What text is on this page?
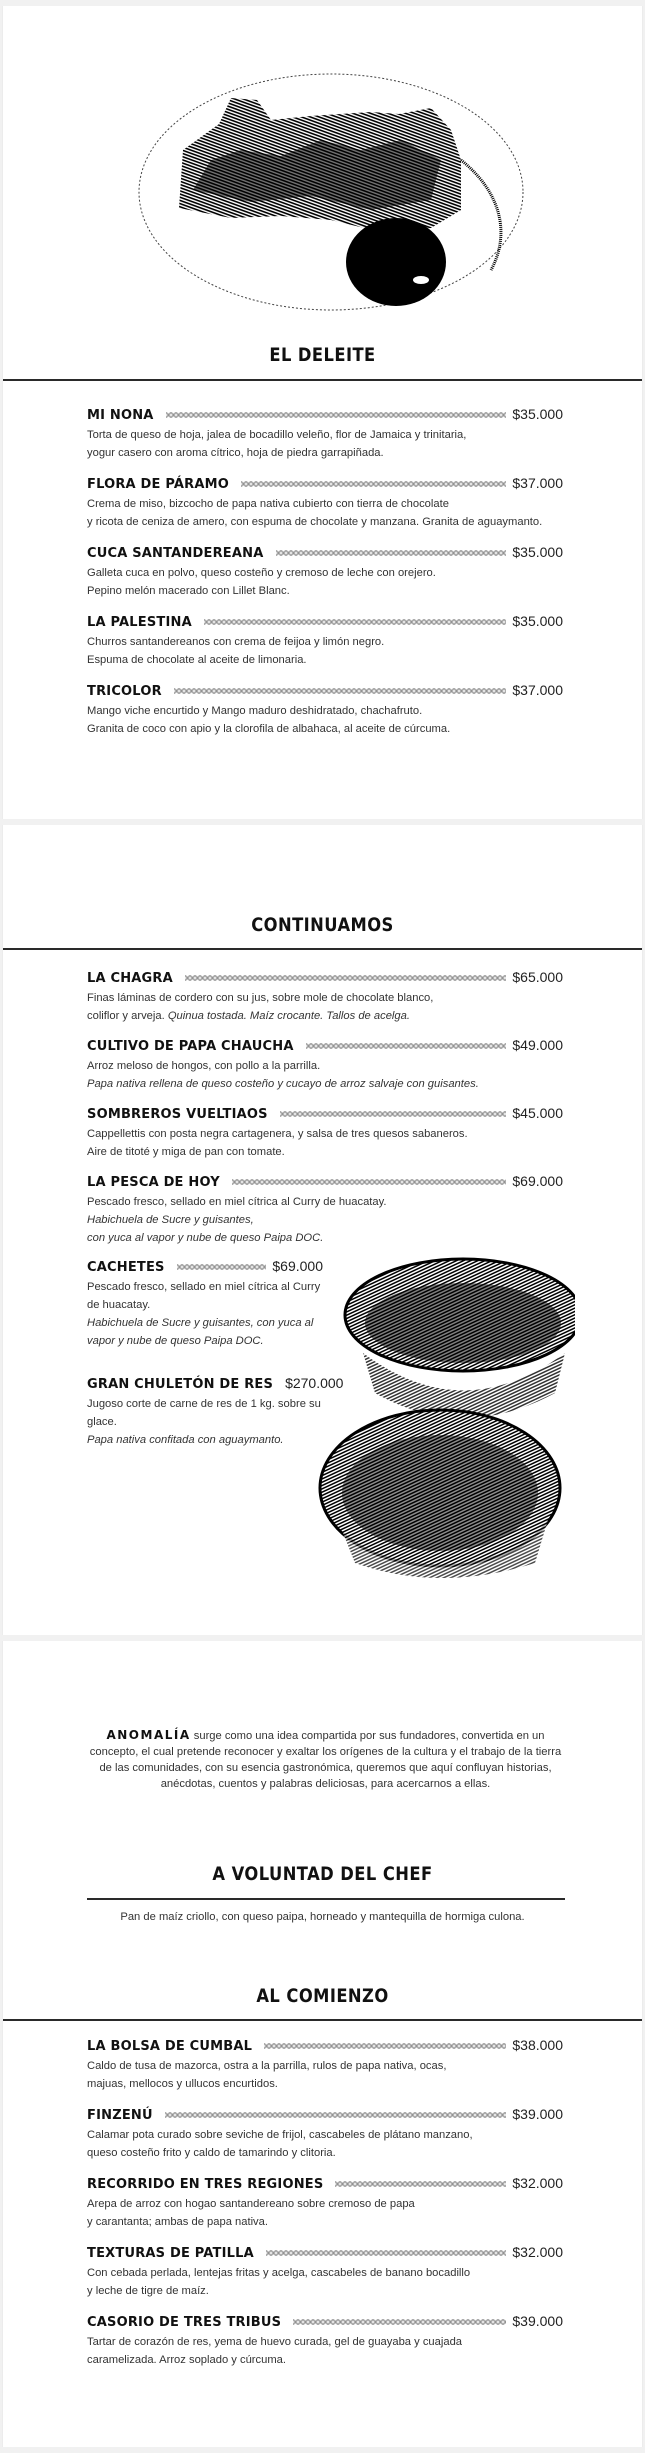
EL DELEITE
MI NONA	$35.000
Torta de queso de hoja, jalea de bocadillo veleño, flor de Jamaica y trinitaria,
yogur casero con aroma cítrico, hoja de piedra garrapiñada.
FLORA DE PÁRAMO	$37.000
Crema de miso, bizcocho de papa nativa cubierto con tierra de chocolate
y ricota de ceniza de amero, con espuma de chocolate y manzana. Granita de aguaymanto.
CUCA SANTANDEREANA	$35.000
Galleta cuca en polvo, queso costeño y cremoso de leche con orejero.
Pepino melón macerado con Lillet Blanc.
LA PALESTINA	$35.000
Churros santandereanos con crema de feijoa y limón negro.
Espuma de chocolate al aceite de limonaria.
TRICOLOR	$37.000
Mango viche encurtido y Mango maduro deshidratado, chachafruto.
Granita de coco con apio y la clorofila de albahaca, al aceite de cúrcuma.
CONTINUAMOS
LA CHAGRA	$65.000
Finas láminas de cordero con su jus, sobre mole de chocolate blanco,
coliflor y arveja. Quinua tostada. Maíz crocante. Tallos de acelga.
CULTIVO DE PAPA CHAUCHA	$49.000
Arroz meloso de hongos, con pollo a la parrilla.
Papa nativa rellena de queso costeño y cucayo de arroz salvaje con guisantes.
SOMBREROS VUELTIAOS	$45.000
Cappellettis con posta negra cartagenera, y salsa de tres quesos sabaneros.
Aire de titoté y miga de pan con tomate.
LA PESCA DE HOY	$69.000
Pescado fresco, sellado en miel cítrica al Curry de huacatay.
Habichuela de Sucre y guisantes,
con yuca al vapor y nube de queso Paipa DOC.
CACHETES	$69.000
Pescado fresco, sellado en miel cítrica al Curry de huacatay.
Habichuela de Sucre y guisantes, con yuca al vapor y nube de queso Paipa DOC.
GRAN CHULETÓN DE RES $270.000
Jugoso corte de carne de res de 1 kg. sobre su glace.
Papa nativa confitada con aguaymanto.

ANOMALÍA surge como una idea compartida por sus fundadores, convertida en un concepto, el cual pretende reconocer y exaltar los orígenes de la cultura y el trabajo de la tierra de las comunidades, con su esencia gastronómica, queremos que aquí confluyan historias, anécdotas, cuentos y palabras deliciosas, para acercarnos a ellas.

A VOLUNTAD DEL CHEF
Pan de maíz criollo, con queso paipa, horneado y mantequilla de hormiga culona.
AL COMIENZO
LA BOLSA DE CUMBAL	$38.000
Caldo de tusa de mazorca, ostra a la parrilla, rulos de papa nativa, ocas,
majuas, mellocos y ullucos encurtidos.
FINZENÚ	$39.000
Calamar pota curado sobre seviche de frijol, cascabeles de plátano manzano,
queso costeño frito y caldo de tamarindo y clitoria.
RECORRIDO EN TRES REGIONES	$32.000
Arepa de arroz con hogao santandereano sobre cremoso de papa
y carantanta; ambas de papa nativa.
TEXTURAS DE PATILLA	$32.000
Con cebada perlada, lentejas fritas y acelga, cascabeles de banano bocadillo
y leche de tigre de maíz.
CASORIO DE TRES TRIBUS	$39.000
Tartar de corazón de res, yema de huevo curada, gel de guayaba y cuajada
caramelizada. Arroz soplado y cúrcuma.
